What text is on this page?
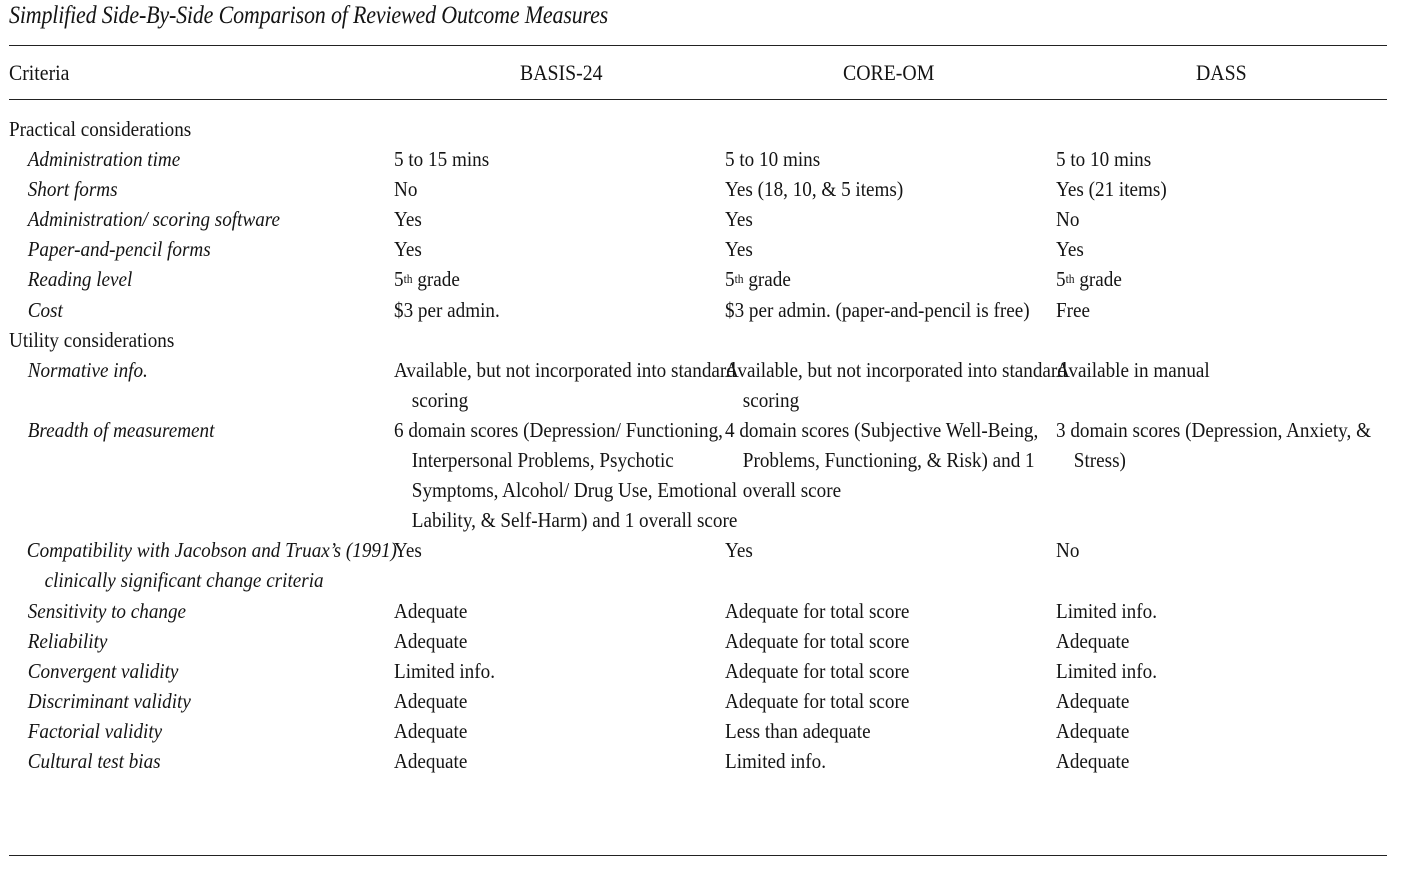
Simplified Side-By-Side Comparison of Reviewed Outcome Measures
Criteria	BASIS-24	CORE-OM	DASS
Practical considerations			

Administration time	5 to 15 mins	5 to 10 mins	5 to 10 mins

Short forms	No	Yes (18, 10, & 5 items)	Yes (21 items)

Administration/ scoring software	Yes	Yes	No

Paper-and-pencil forms	Yes	Yes	Yes

Reading level	5th grade	5th grade	5th grade

Cost	$3 per admin.	$3 per admin. (paper-and-pencil is free)	Free

Utility considerations			

Normative info.	Available, but not incorporated into standard scoring	Available, but not incorporated into standard scoring	Available in manual

Breadth of measurement	6 domain scores (Depression/ Functioning, Interpersonal Problems, Psychotic Symptoms, Alcohol/ Drug Use, Emotional Lability, & Self-Harm) and 1 overall score	4 domain scores (Subjective Well-Being, Problems, Functioning, & Risk) and 1 overall score	3 domain scores (Depression, Anxiety, & Stress)

Compatibility with Jacobson and Truax’s (1991) clinically significant change criteria	Yes	Yes	No

Sensitivity to change	Adequate	Adequate for total score	Limited info.

Reliability	Adequate	Adequate for total score	Adequate

Convergent validity	Limited info.	Adequate for total score	Limited info.

Discriminant validity	Adequate	Adequate for total score	Adequate

Factorial validity	Adequate	Less than adequate	Adequate

Cultural test bias	Adequate	Limited info.	Adequate
